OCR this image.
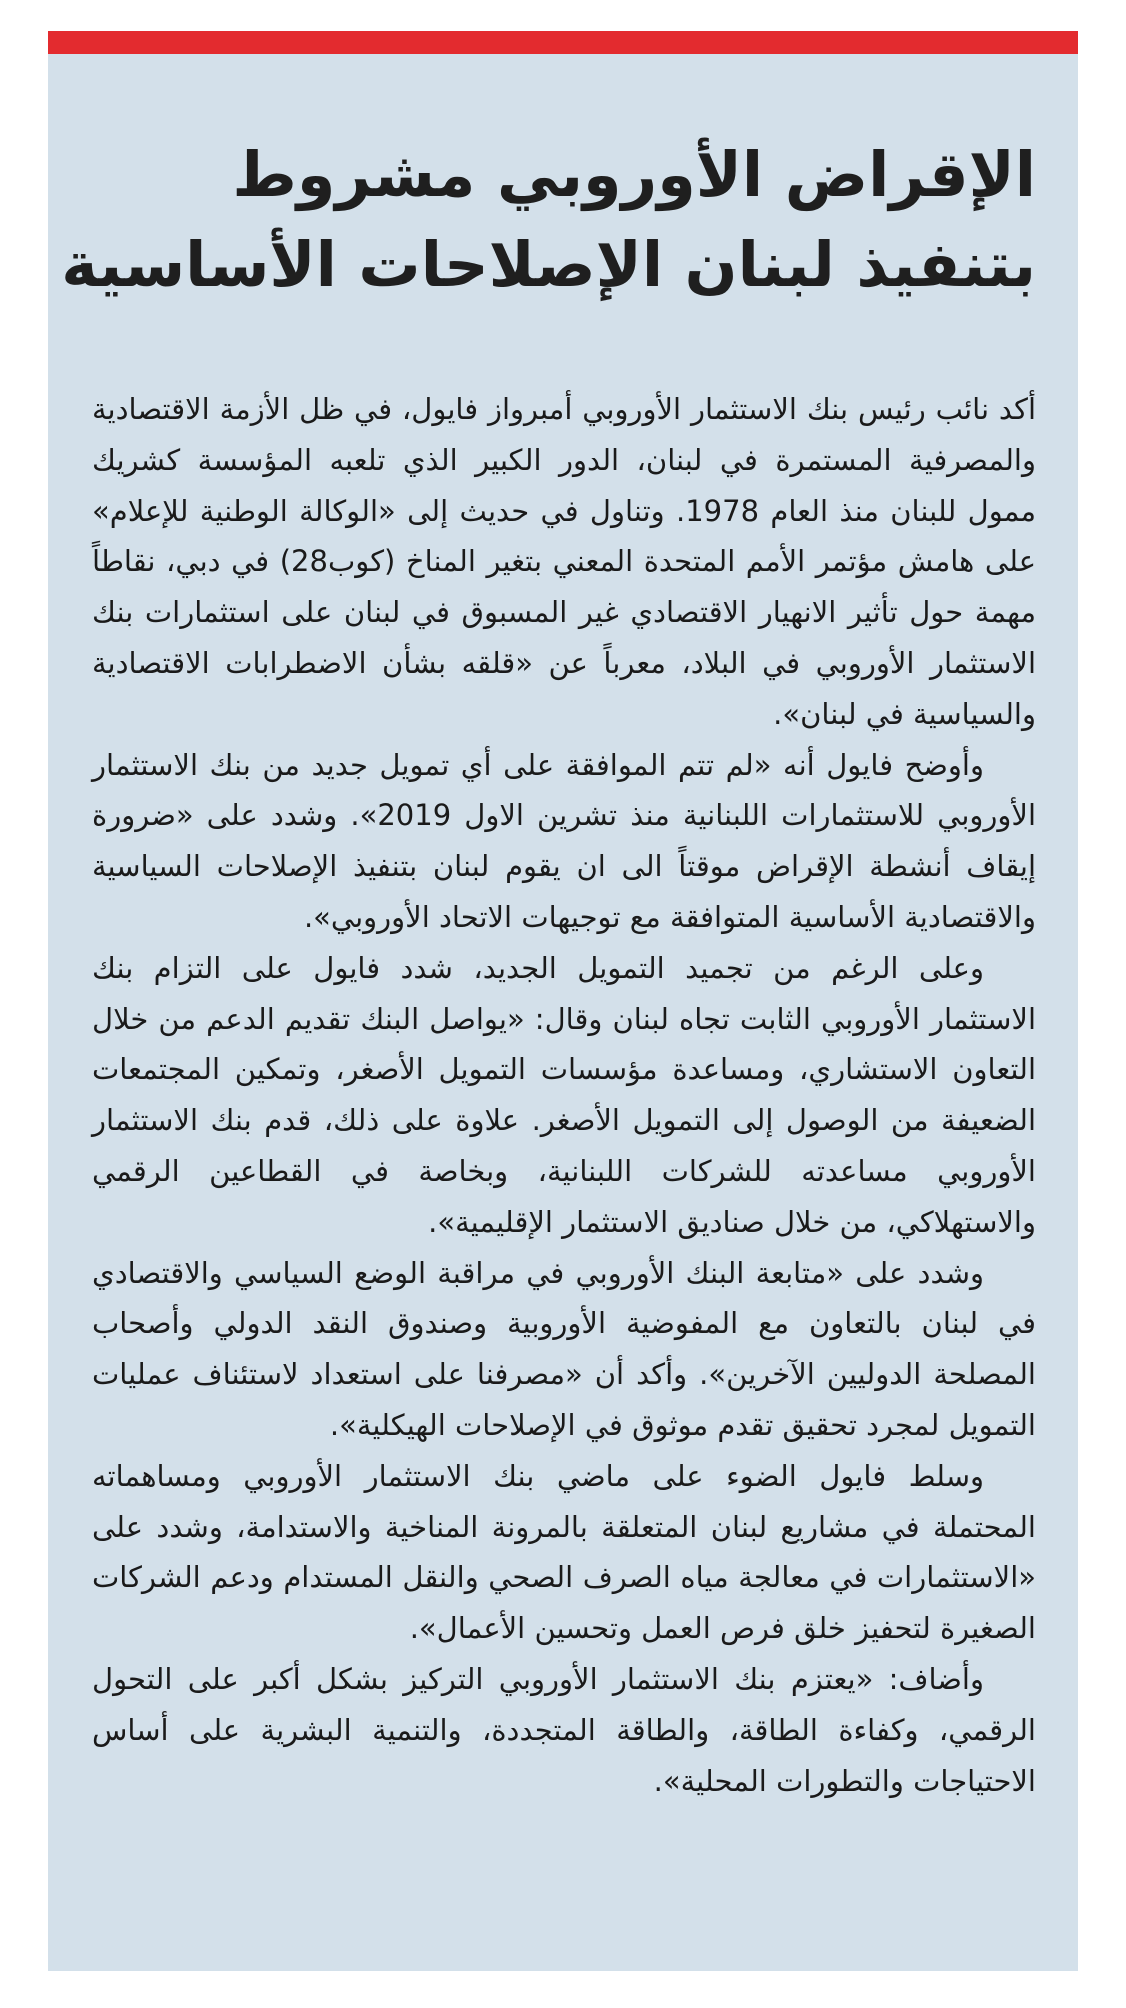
الإقراض الأوروبي مشروط
بتنفيذ لبنان الإصلاحات الأساسية

أكد نائب رئيس بنك الاستثمار الأوروبي أمبرواز فايول، في ظل الأزمة الاقتصادية والمصرفية المستمرة في لبنان، الدور الكبير الذي تلعبه المؤسسة كشريك ممول للبنان منذ العام 1978. وتناول في حديث إلى «الوكالة الوطنية للإعلام» على هامش مؤتمر الأمم المتحدة المعني بتغير المناخ (كوب28) في دبي، نقاطاً مهمة حول تأثير الانهيار الاقتصادي غير المسبوق في لبنان على استثمارات بنك الاستثمار الأوروبي في البلاد، معرباً عن «قلقه بشأن الاضطرابات الاقتصادية والسياسية في لبنان».

وأوضح فايول أنه «لم تتم الموافقة على أي تمويل جديد من بنك الاستثمار الأوروبي للاستثمارات اللبنانية منذ تشرين الاول 2019». وشدد على «ضرورة إيقاف أنشطة الإقراض موقتاً الى ان يقوم لبنان بتنفيذ الإصلاحات السياسية والاقتصادية الأساسية المتوافقة مع توجيهات الاتحاد الأوروبي».

وعلى الرغم من تجميد التمويل الجديد، شدد فايول على التزام بنك الاستثمار الأوروبي الثابت تجاه لبنان وقال: «يواصل البنك تقديم الدعم من خلال التعاون الاستشاري، ومساعدة مؤسسات التمويل الأصغر، وتمكين المجتمعات الضعيفة من الوصول إلى التمويل الأصغر. علاوة على ذلك، قدم بنك الاستثمار الأوروبي مساعدته للشركات اللبنانية، وبخاصة في القطاعين الرقمي والاستهلاكي، من خلال صناديق الاستثمار الإقليمية».

وشدد على «متابعة البنك الأوروبي في مراقبة الوضع السياسي والاقتصادي في لبنان بالتعاون مع المفوضية الأوروبية وصندوق النقد الدولي وأصحاب المصلحة الدوليين الآخرين». وأكد أن «مصرفنا على استعداد لاستئناف عمليات التمويل لمجرد تحقيق تقدم موثوق في الإصلاحات الهيكلية».

وسلط فايول الضوء على ماضي بنك الاستثمار الأوروبي ومساهماته المحتملة في مشاريع لبنان المتعلقة بالمرونة المناخية والاستدامة، وشدد على «الاستثمارات في معالجة مياه الصرف الصحي والنقل المستدام ودعم الشركات الصغيرة لتحفيز خلق فرص العمل وتحسين الأعمال».

وأضاف: «يعتزم بنك الاستثمار الأوروبي التركيز بشكل أكبر على التحول الرقمي، وكفاءة الطاقة، والطاقة المتجددة، والتنمية البشرية على أساس الاحتياجات والتطورات المحلية».
